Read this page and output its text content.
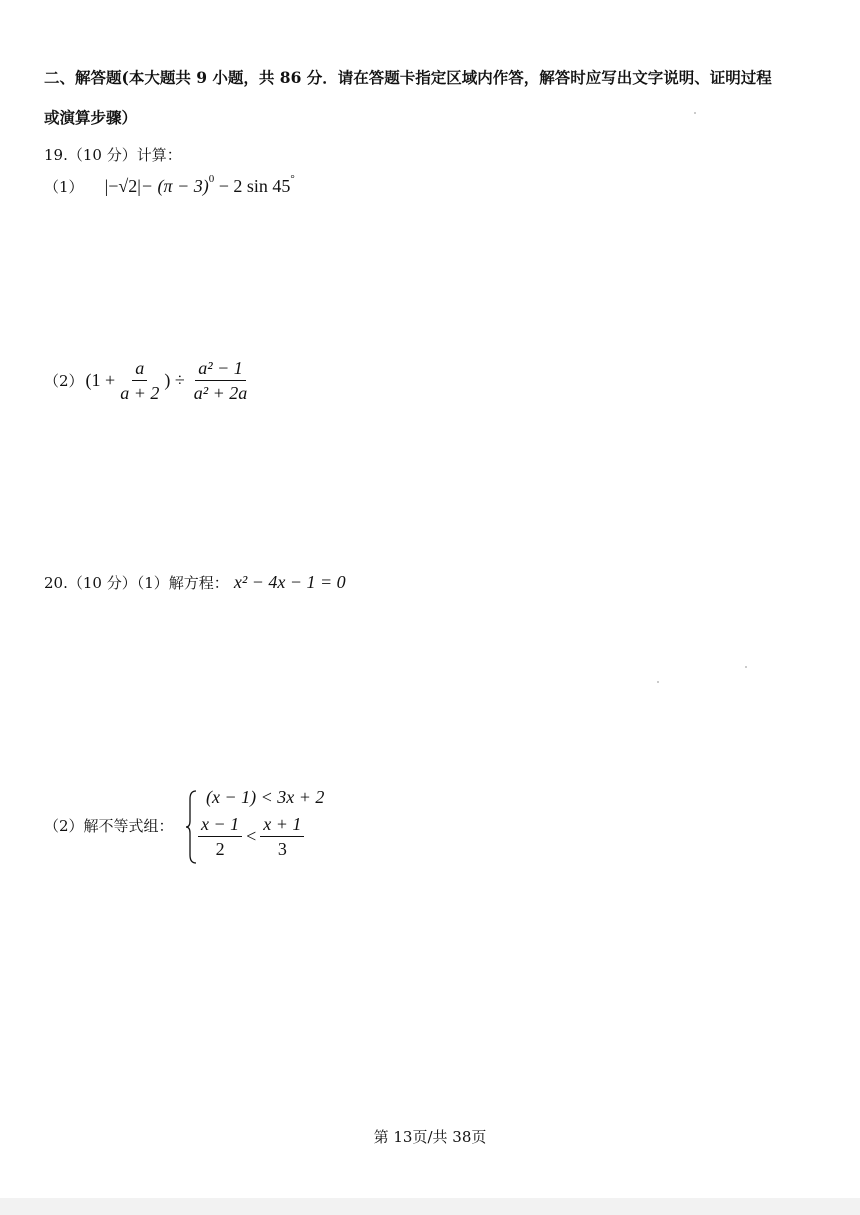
二、解答题(本大题共 9 小题，共 86 分．请在答题卡指定区域内作答，解答时应写出文字说明、证明过程
或演算步骤）
19.（10 分）计算：
（1） $|-√2|- (\pi - 3)^0 - 2$ sin 45°
（2） ($1 + \frac{a}{a + 2}$ ) ÷ $\frac{\text{a² − 1}}{\text{a² + 2a}}$
20.（10 分）（1）解方程： x² − 4x − 1 = 0
（2）解不等式组：
(x − 1) < 3x + 2
$\frac{x - 1}{2} < \frac{x + 1}{3}$
第 13页/共 38页
